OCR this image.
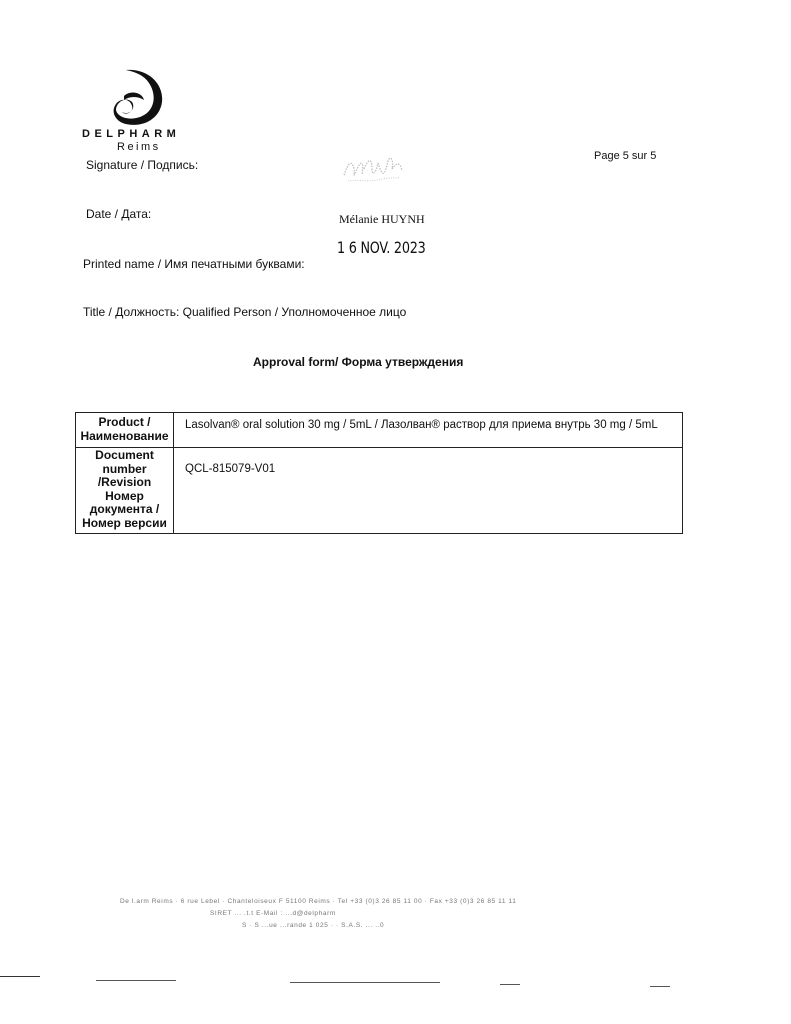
DELPHARM
Reims
Page 5 sur 5
Signature / Подпись:
Date / Дата:	Mélanie HUYNH
1 6 NOV. 2023
Printed name / Имя печатными буквами:
Title / Должность: Qualified Person / Уполномоченное лицо
Approval form/ Форма утверждения
Product /
Наименование
Lasolvan® oral solution 30 mg / 5mL / Лазолван® раствор для приема внутрь 30 mg / 5mL
Document
number
/Revision
Номер
документа /
Номер версии
QCL-815079-V01
De l.arm Reims · 6 rue Lebel · Chanteloiseux F 51100 Reims · Tel +33 (0)3 26 85 11 00 · Fax +33 (0)3 26 85 11 11
SIRET ... .t.t E-Mail : ...d@delpharm
S · S ...ue ...rande 1 025 · · S.A.S. ... ..0
